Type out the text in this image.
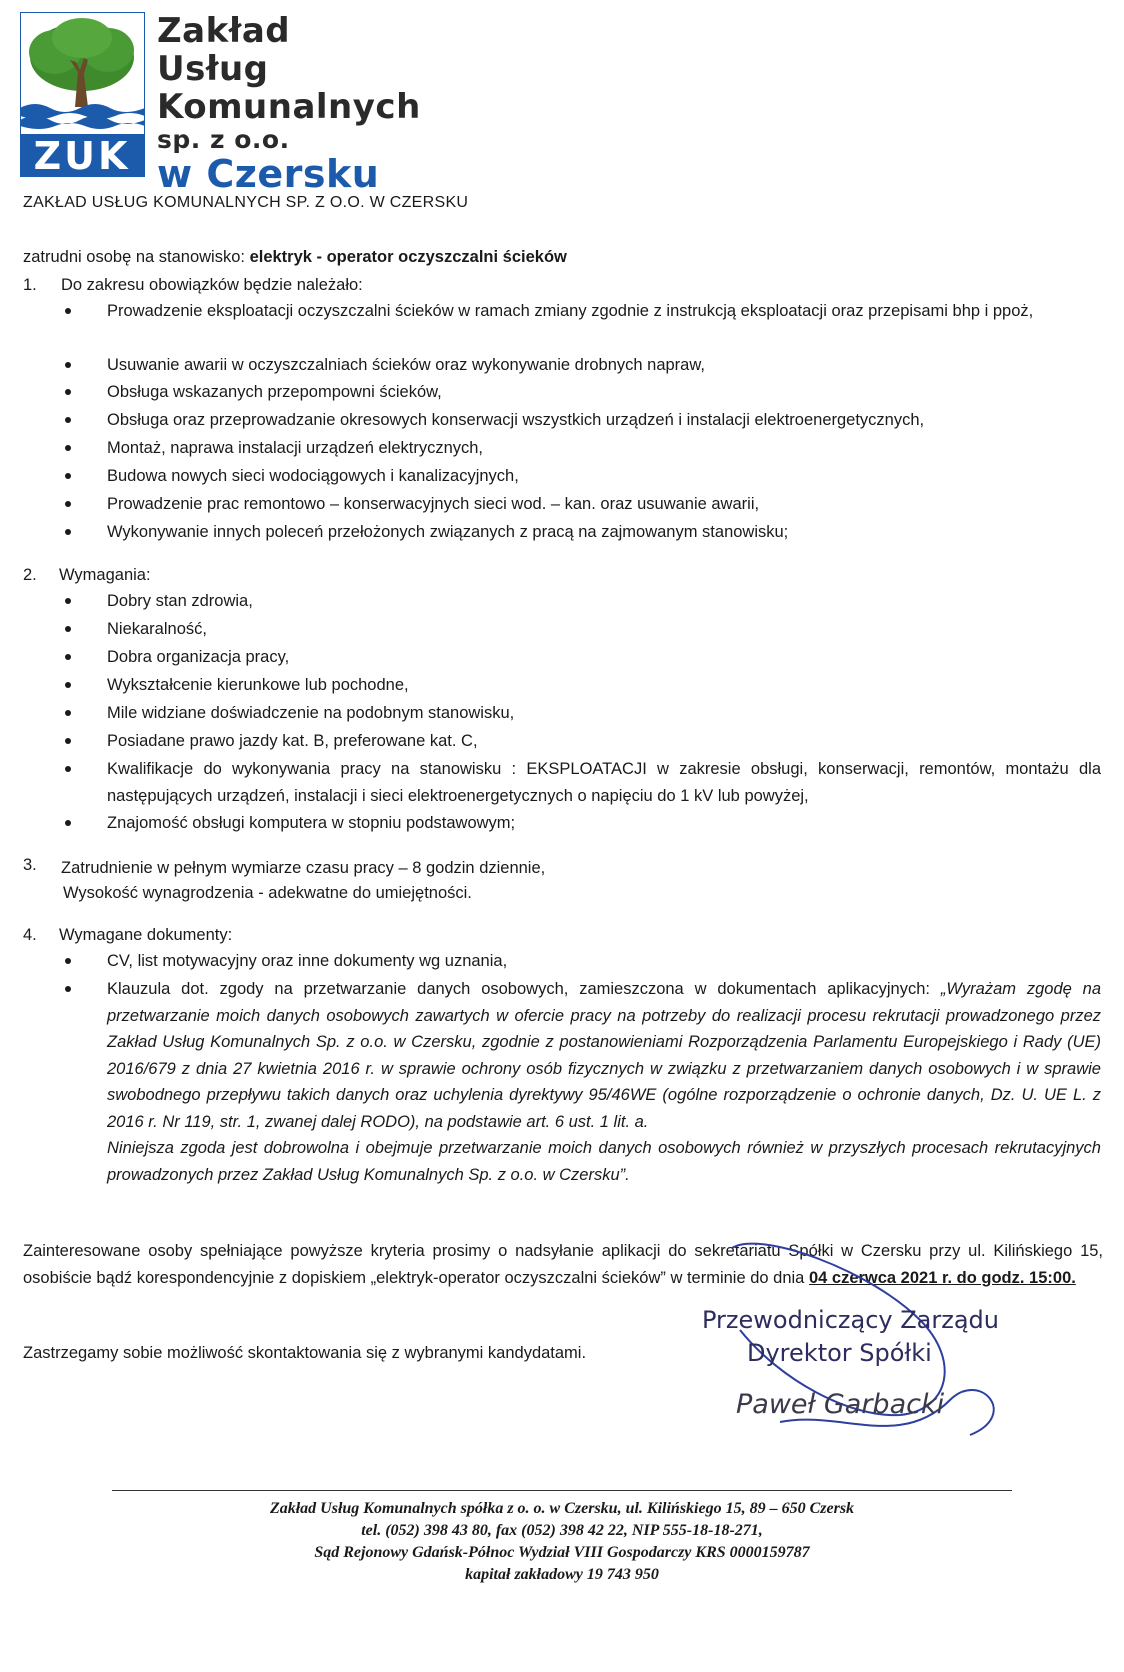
ZUK
Zakład
Usług
Komunalnych
sp. z o.o.
w Czersku
ZAKŁAD USŁUG KOMUNALNYCH SP. Z O.O. W CZERSKU
zatrudni osobę na stanowisko: elektryk - operator oczyszczalni ścieków
1. Do zakresu obowiązków będzie należało:
Prowadzenie eksploatacji oczyszczalni ścieków w ramach zmiany zgodnie z instrukcją eksploatacji oraz przepisami bhp i ppoż,
Usuwanie awarii w oczyszczalniach ścieków oraz wykonywanie drobnych napraw,
Obsługa wskazanych przepompowni ścieków,
Obsługa oraz przeprowadzanie okresowych konserwacji wszystkich urządzeń i instalacji elektroenergetycznych,
Montaż, naprawa instalacji urządzeń elektrycznych,
Budowa nowych sieci wodociągowych i kanalizacyjnych,
Prowadzenie prac remontowo – konserwacyjnych sieci wod. – kan. oraz usuwanie awarii,
Wykonywanie innych poleceń przełożonych związanych z pracą na zajmowanym stanowisku;
2. Wymagania:
Dobry stan zdrowia,
Niekaralność,
Dobra organizacja pracy,
Wykształcenie kierunkowe lub pochodne,
Mile widziane doświadczenie na podobnym stanowisku,
Posiadane prawo jazdy kat. B, preferowane kat. C,
Kwalifikacje do wykonywania pracy na stanowisku : EKSPLOATACJI w zakresie obsługi, konserwacji, remontów, montażu dla następujących urządzeń, instalacji i sieci elektroenergetycznych o napięciu do 1 kV lub powyżej,
Znajomość obsługi komputera w stopniu podstawowym;
3. Zatrudnienie w pełnym wymiarze czasu pracy – 8 godzin dziennie,
Wysokość wynagrodzenia - adekwatne do umiejętności.
4. Wymagane dokumenty:
CV, list motywacyjny oraz inne dokumenty wg uznania,
Klauzula dot. zgody na przetwarzanie danych osobowych, zamieszczona w dokumentach aplikacyjnych: „Wyrażam zgodę na przetwarzanie moich danych osobowych zawartych w ofercie pracy na potrzeby do realizacji procesu rekrutacji prowadzonego przez Zakład Usług Komunalnych Sp. z o.o. w Czersku, zgodnie z postanowieniami Rozporządzenia Parlamentu Europejskiego i Rady (UE) 2016/679 z dnia 27 kwietnia 2016 r. w sprawie ochrony osób fizycznych w związku z przetwarzaniem danych osobowych i w sprawie swobodnego przepływu takich danych oraz uchylenia dyrektywy 95/46WE (ogólne rozporządzenie o ochronie danych, Dz. U. UE L. z 2016 r. Nr 119, str. 1, zwanej dalej RODO), na podstawie art. 6 ust. 1 lit. a.
Niniejsza zgoda jest dobrowolna i obejmuje przetwarzanie moich danych osobowych również w przyszłych procesach rekrutacyjnych prowadzonych przez Zakład Usług Komunalnych Sp. z o.o. w Czersku”.
Zainteresowane osoby spełniające powyższe kryteria prosimy o nadsyłanie aplikacji do sekretariatu Spółki w Czersku przy ul. Kilińskiego 15, osobiście bądź korespondencyjnie z dopiskiem „elektryk-operator oczyszczalni ścieków” w terminie do dnia 04 czerwca 2021 r. do godz. 15:00.
Zastrzegamy sobie możliwość skontaktowania się z wybranymi kandydatami.
Przewodniczący Zarządu
Dyrektor Spółki
Paweł Garbacki
Zakład Usług Komunalnych spółka z o. o. w Czersku, ul. Kilińskiego 15, 89 – 650 Czersk
tel. (052) 398 43 80, fax (052) 398 42 22, NIP 555-18-18-271,
Sąd Rejonowy Gdańsk-Północ Wydział VIII Gospodarczy KRS 0000159787
kapitał zakładowy 19 743 950
